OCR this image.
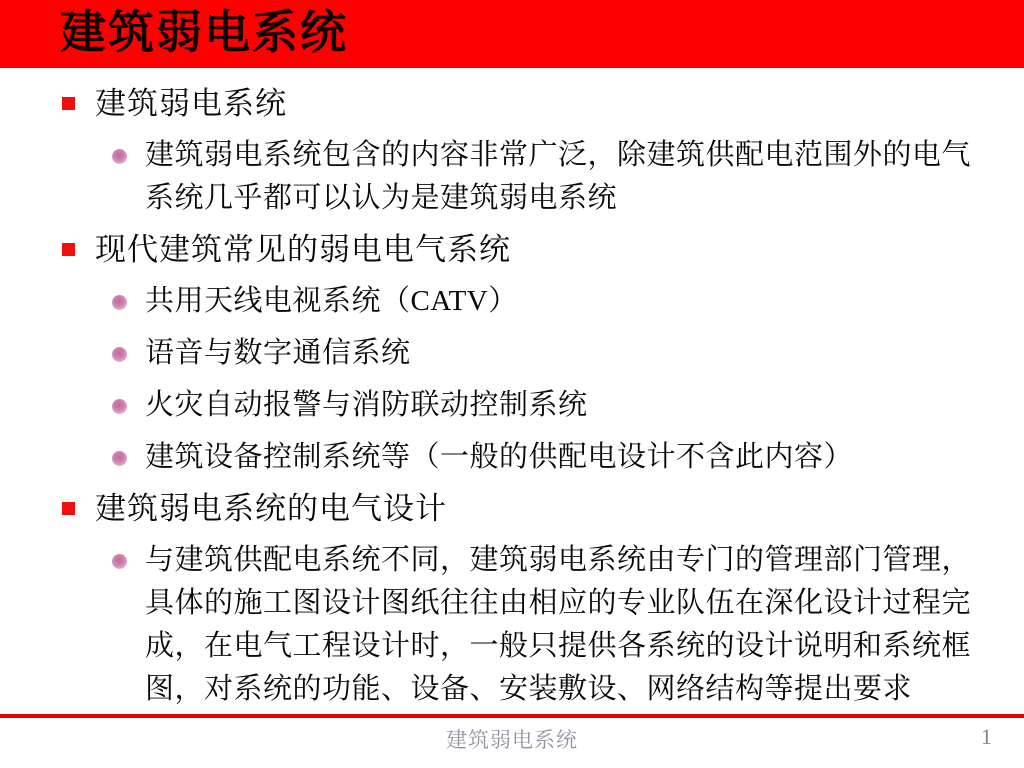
建筑弱电系统
建筑弱电系统
建筑弱电系统包含的内容非常广泛，除建筑供配电范围外的电气系统几乎都可以认为是建筑弱电系统
现代建筑常见的弱电电气系统
共用天线电视系统（CATV）
语音与数字通信系统
火灾自动报警与消防联动控制系统
建筑设备控制系统等（一般的供配电设计不含此内容）
建筑弱电系统的电气设计
与建筑供配电系统不同，建筑弱电系统由专门的管理部门管理，具体的施工图设计图纸往往由相应的专业队伍在深化设计过程完成，在电气工程设计时，一般只提供各系统的设计说明和系统框图，对系统的功能、设备、安装敷设、网络结构等提出要求
建筑弱电系统	1
